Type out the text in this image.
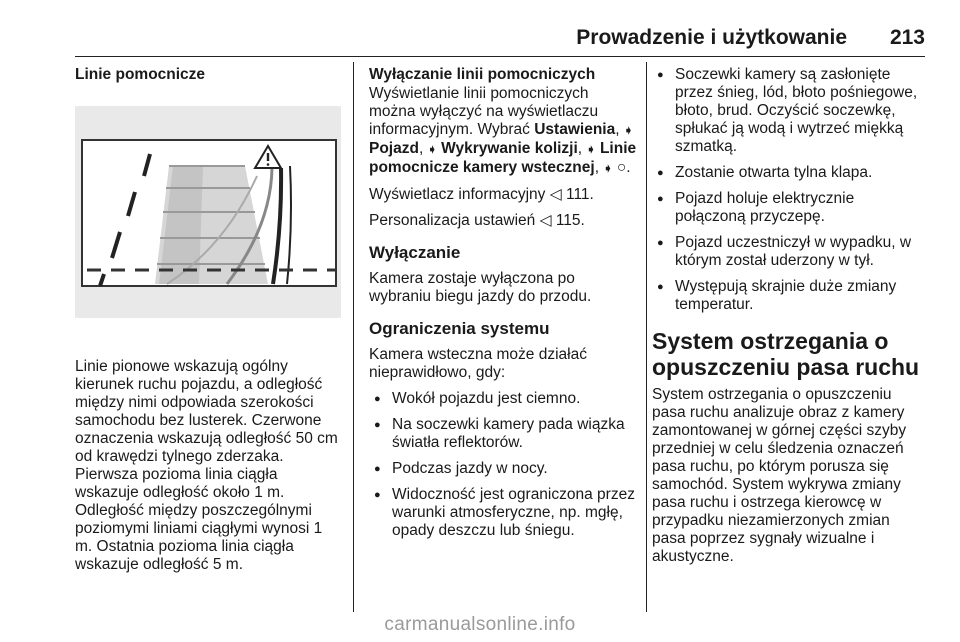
Prowadzenie i użytkowanie 213
Linie pomocnicze
Linie pionowe wskazują ogólny kierunek ruchu pojazdu, a odległość między nimi odpowiada szerokości samochodu bez lusterek. Czerwone oznaczenia wskazują odległość 50 cm od krawędzi tylnego zderzaka. Pierwsza pozioma linia ciągła wskazuje odległość około 1 m. Odległość między poszczególnymi poziomymi liniami ciągłymi wynosi 1 m. Ostatnia pozioma linia ciągła wskazuje odległość 5 m.
Wyłączanie linii pomocniczych
Wyświetlanie linii pomocniczych można wyłączyć na wyświetlaczu informacyjnym. Wybrać Ustawienia, ➧ Pojazd, ➧ Wykrywanie kolizji, ➧ Linie pomocnicze kamery wstecznej, ➧ ○.
Wyświetlacz informacyjny ◁ 111.
Personalizacja ustawień ◁ 115.
Wyłączanie
Kamera zostaje wyłączona po wybraniu biegu jazdy do przodu.
Ograniczenia systemu
Kamera wsteczna może działać nieprawidłowo, gdy:
● Wokół pojazdu jest ciemno.
● Na soczewki kamery pada wiązka światła reflektorów.
● Podczas jazdy w nocy.
● Widoczność jest ograniczona przez warunki atmosferyczne, np. mgłę, opady deszczu lub śniegu.
● Soczewki kamery są zasłonięte przez śnieg, lód, błoto pośniegowe, błoto, brud. Oczyścić soczewkę, spłukać ją wodą i wytrzeć miękką szmatką.
● Zostanie otwarta tylna klapa.
● Pojazd holuje elektrycznie połączoną przyczepę.
● Pojazd uczestniczył w wypadku, w którym został uderzony w tył.
● Występują skrajnie duże zmiany temperatur.
System ostrzegania o opuszczeniu pasa ruchu
System ostrzegania o opuszczeniu pasa ruchu analizuje obraz z kamery zamontowanej w górnej części szyby przedniej w celu śledzenia oznaczeń pasa ruchu, po którym porusza się samochód. System wykrywa zmiany pasa ruchu i ostrzega kierowcę w przypadku niezamierzonych zmian pasa poprzez sygnały wizualne i akustyczne.
carmanualsonline.info
